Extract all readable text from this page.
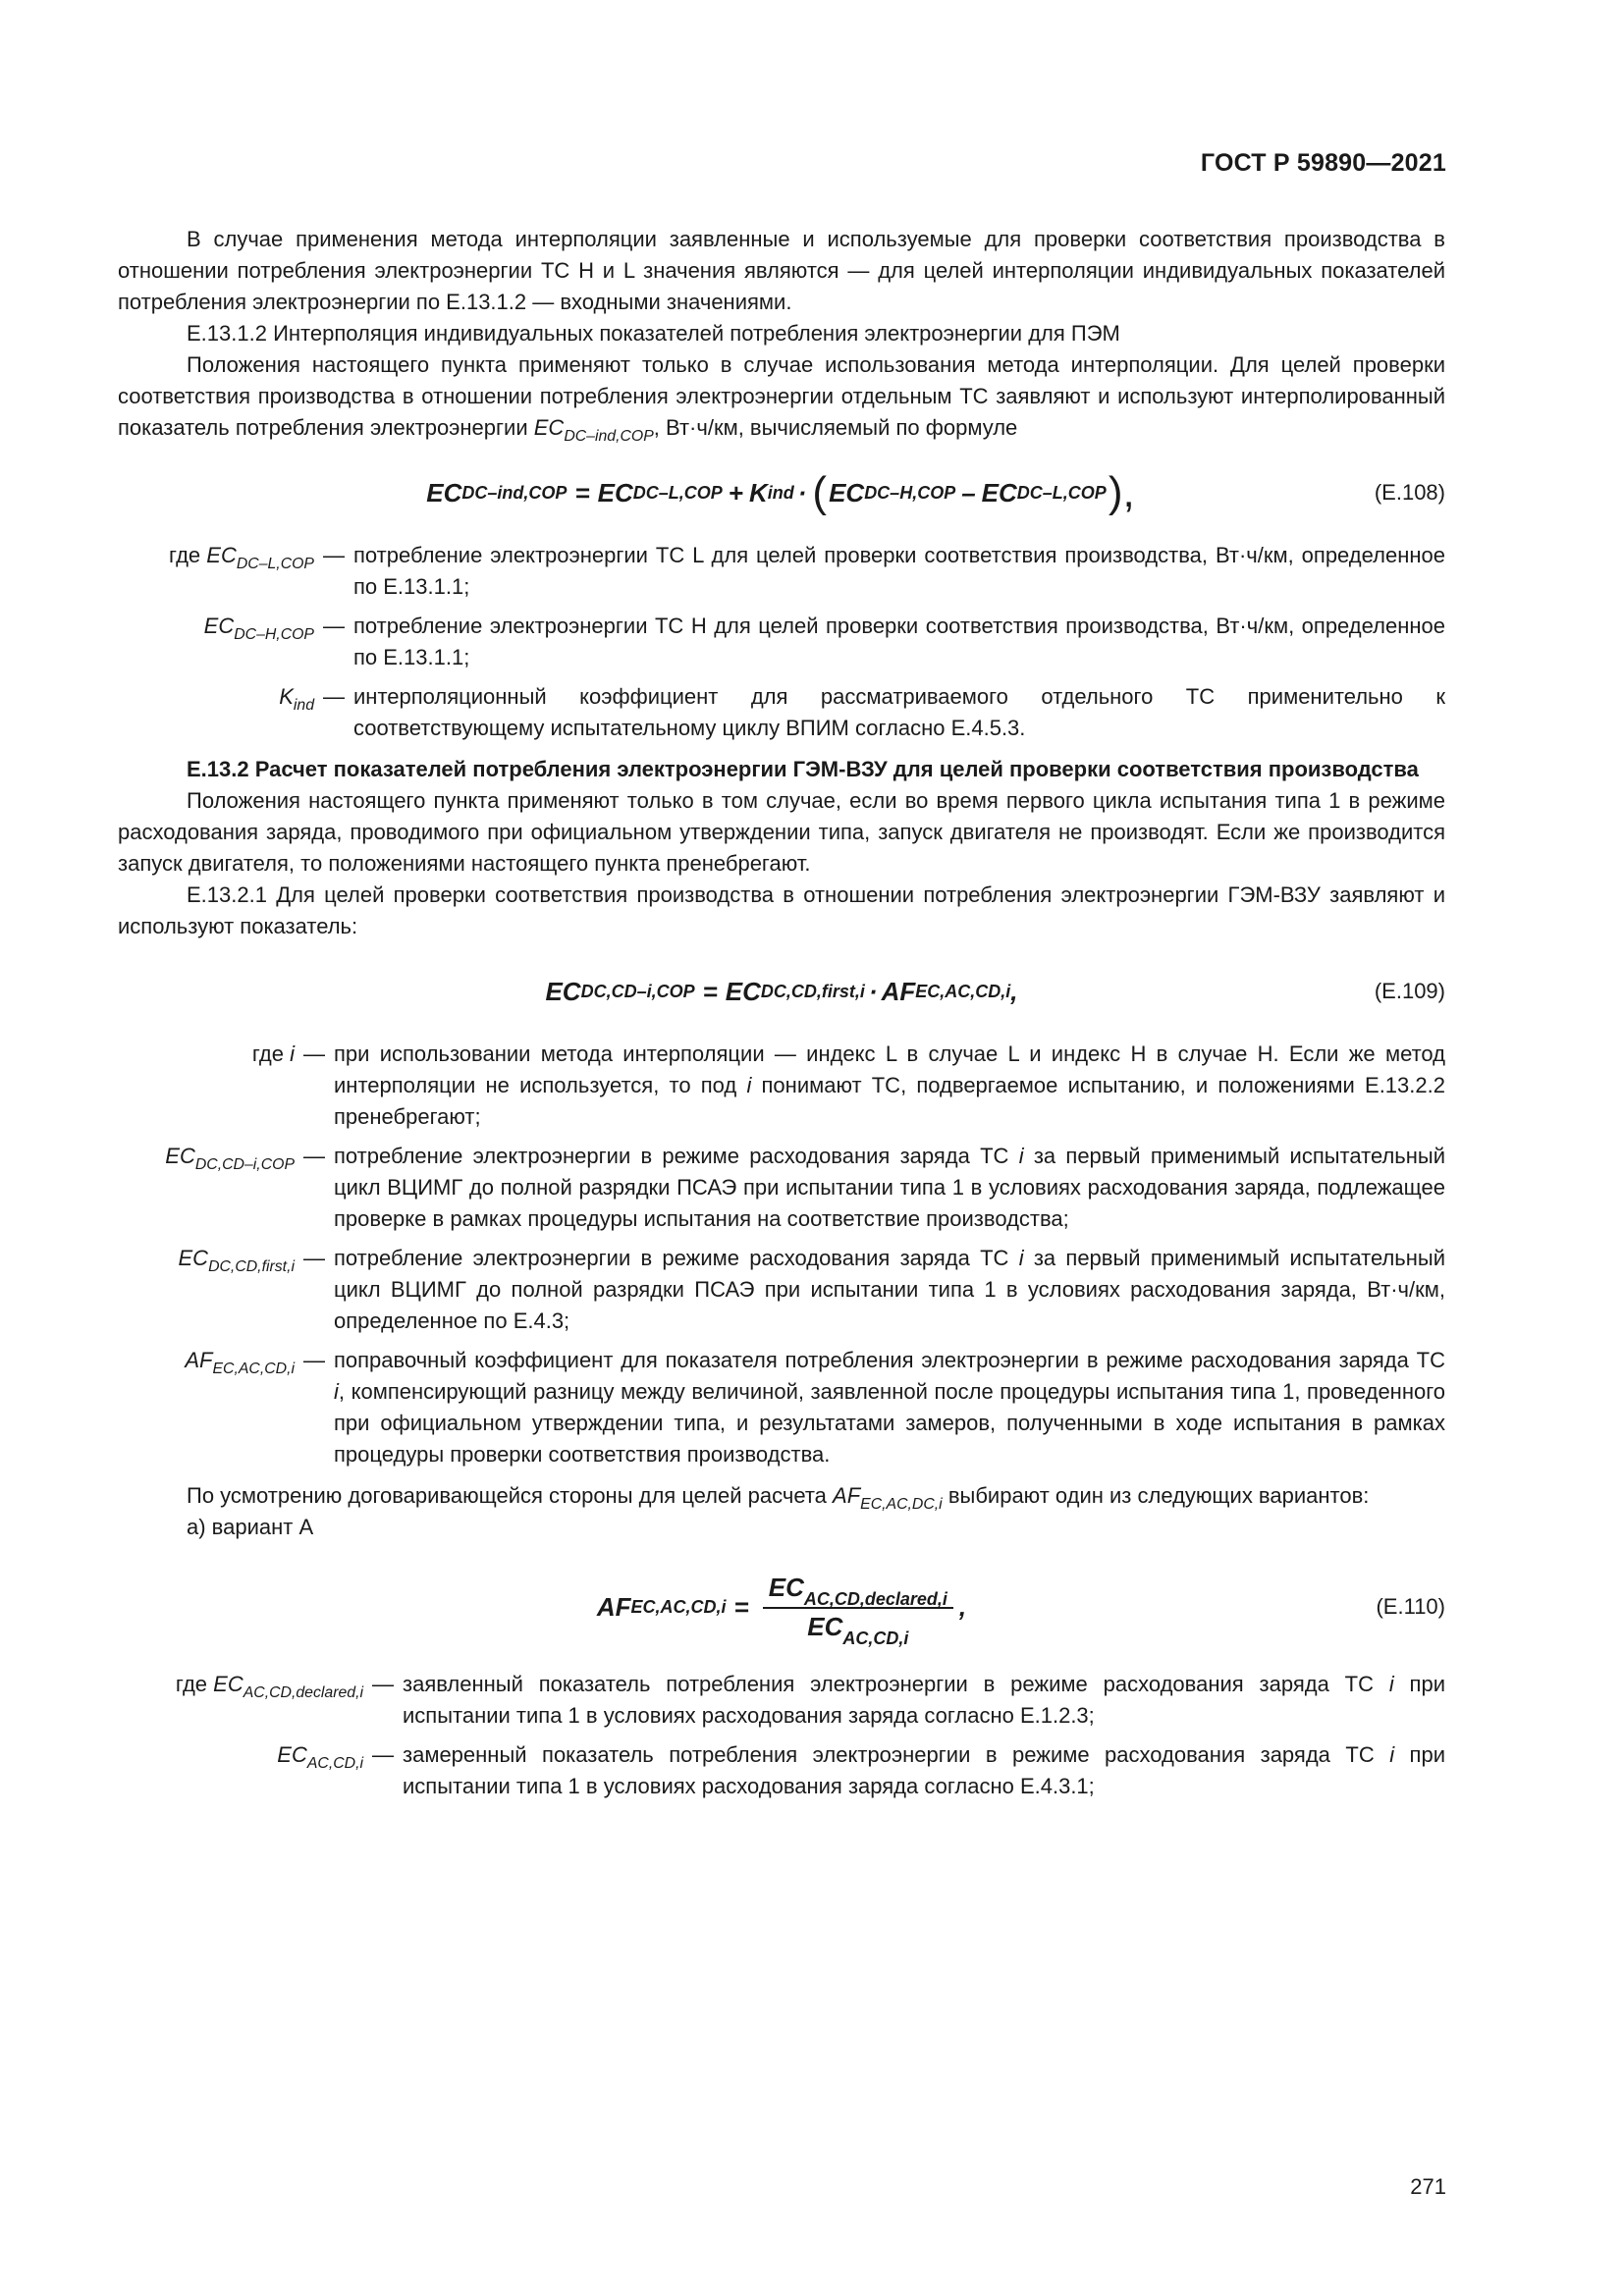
ГОСТ Р 59890—2021

В случае применения метода интерполяции заявленные и используемые для проверки соответствия производства в отношении потребления электроэнергии ТС H и L значения являются — для целей интерполяции индивидуальных показателей потребления электроэнергии по E.13.1.2 — входными значениями.

E.13.1.2 Интерполяция индивидуальных показателей потребления электроэнергии для ПЭМ

Положения настоящего пункта применяют только в случае использования метода интерполяции. Для целей проверки соответствия производства в отношении потребления электроэнергии отдельным ТС заявляют и используют интерполированный показатель потребления электроэнергии $EC_{DC-ind,COP}$, Вт·ч/км, вычисляемый по формуле

EC DC–ind,COP = EC DC–L,COP + K ind · ( EC DC–H,COP – EC DC–L,COP ),	(E.108)
где $EC_{DC-L,COP}$ — потребление электроэнергии ТС L для целей проверки соответствия производства, Вт·ч/км, определенное по E.13.1.1;
$EC_{DC-H,COP}$ — потребление электроэнергии ТС H для целей проверки соответствия производства, Вт·ч/км, определенное по E.13.1.1;
$K_{ind}$ — интерполяционный коэффициент для рассматриваемого отдельного ТС применительно к соответствующему испытательному циклу ВПИМ согласно E.4.5.3.

E.13.2 Расчет показателей потребления электроэнергии ГЭМ-ВЗУ для целей проверки соответствия производства

Положения настоящего пункта применяют только в том случае, если во время первого цикла испытания типа 1 в режиме расходования заряда, проводимого при официальном утверждении типа, запуск двигателя не производят. Если же производится запуск двигателя, то положениями настоящего пункта пренебрегают.

E.13.2.1 Для целей проверки соответствия производства в отношении потребления электроэнергии ГЭМ-ВЗУ заявляют и используют показатель:

EC DC,CD–i,COP = EC DC,CD,first,i · AF EC,AC,CD,i ,	(E.109)
где i — при использовании метода интерполяции — индекс L в случае L и индекс H в случае H. Если же метод интерполяции не используется, то под i понимают ТС, подвергаемое испытанию, и положениями E.13.2.2 пренебрегают;
$EC_{DC,CD-i,COP}$ — потребление электроэнергии в режиме расходования заряда ТС i за первый применимый испытательный цикл ВЦИМГ до полной разрядки ПСАЭ при испытании типа 1 в условиях расходования заряда, подлежащее проверке в рамках процедуры испытания на соответствие производства;
$EC_{DC,CD,first,i}$ — потребление электроэнергии в режиме расходования заряда ТС i за первый применимый испытательный цикл ВЦИМГ до полной разрядки ПСАЭ при испытании типа 1 в условиях расходования заряда, Вт·ч/км, определенное по E.4.3;
$AF_{EC,AC,CD,i}$ — поправочный коэффициент для показателя потребления электроэнергии в режиме расходования заряда ТС i, компенсирующий разницу между величиной, заявленной после процедуры испытания типа 1, проведенного при официальном утверждении типа, и результатами замеров, полученными в ходе испытания в рамках процедуры проверки соответствия производства.

По усмотрению договаривающейся стороны для целей расчета $AF_{EC,AC,DC,i}$ выбирают один из следующих вариантов:

а) вариант A

AF $EC,AC,CD,i = \frac{EC_{AC,CD,declared,i}}{EC_{AC,CD,i}}$ ,	(E.110)
где $EC_{AC,CD,declared,i}$ — заявленный показатель потребления электроэнергии в режиме расходования заряда ТС i при испытании типа 1 в условиях расходования заряда согласно E.1.2.3;
$EC_{AC,CD,i}$ — замеренный показатель потребления электроэнергии в режиме расходования заряда ТС i при испытании типа 1 в условиях расходования заряда согласно E.4.3.1;
271
